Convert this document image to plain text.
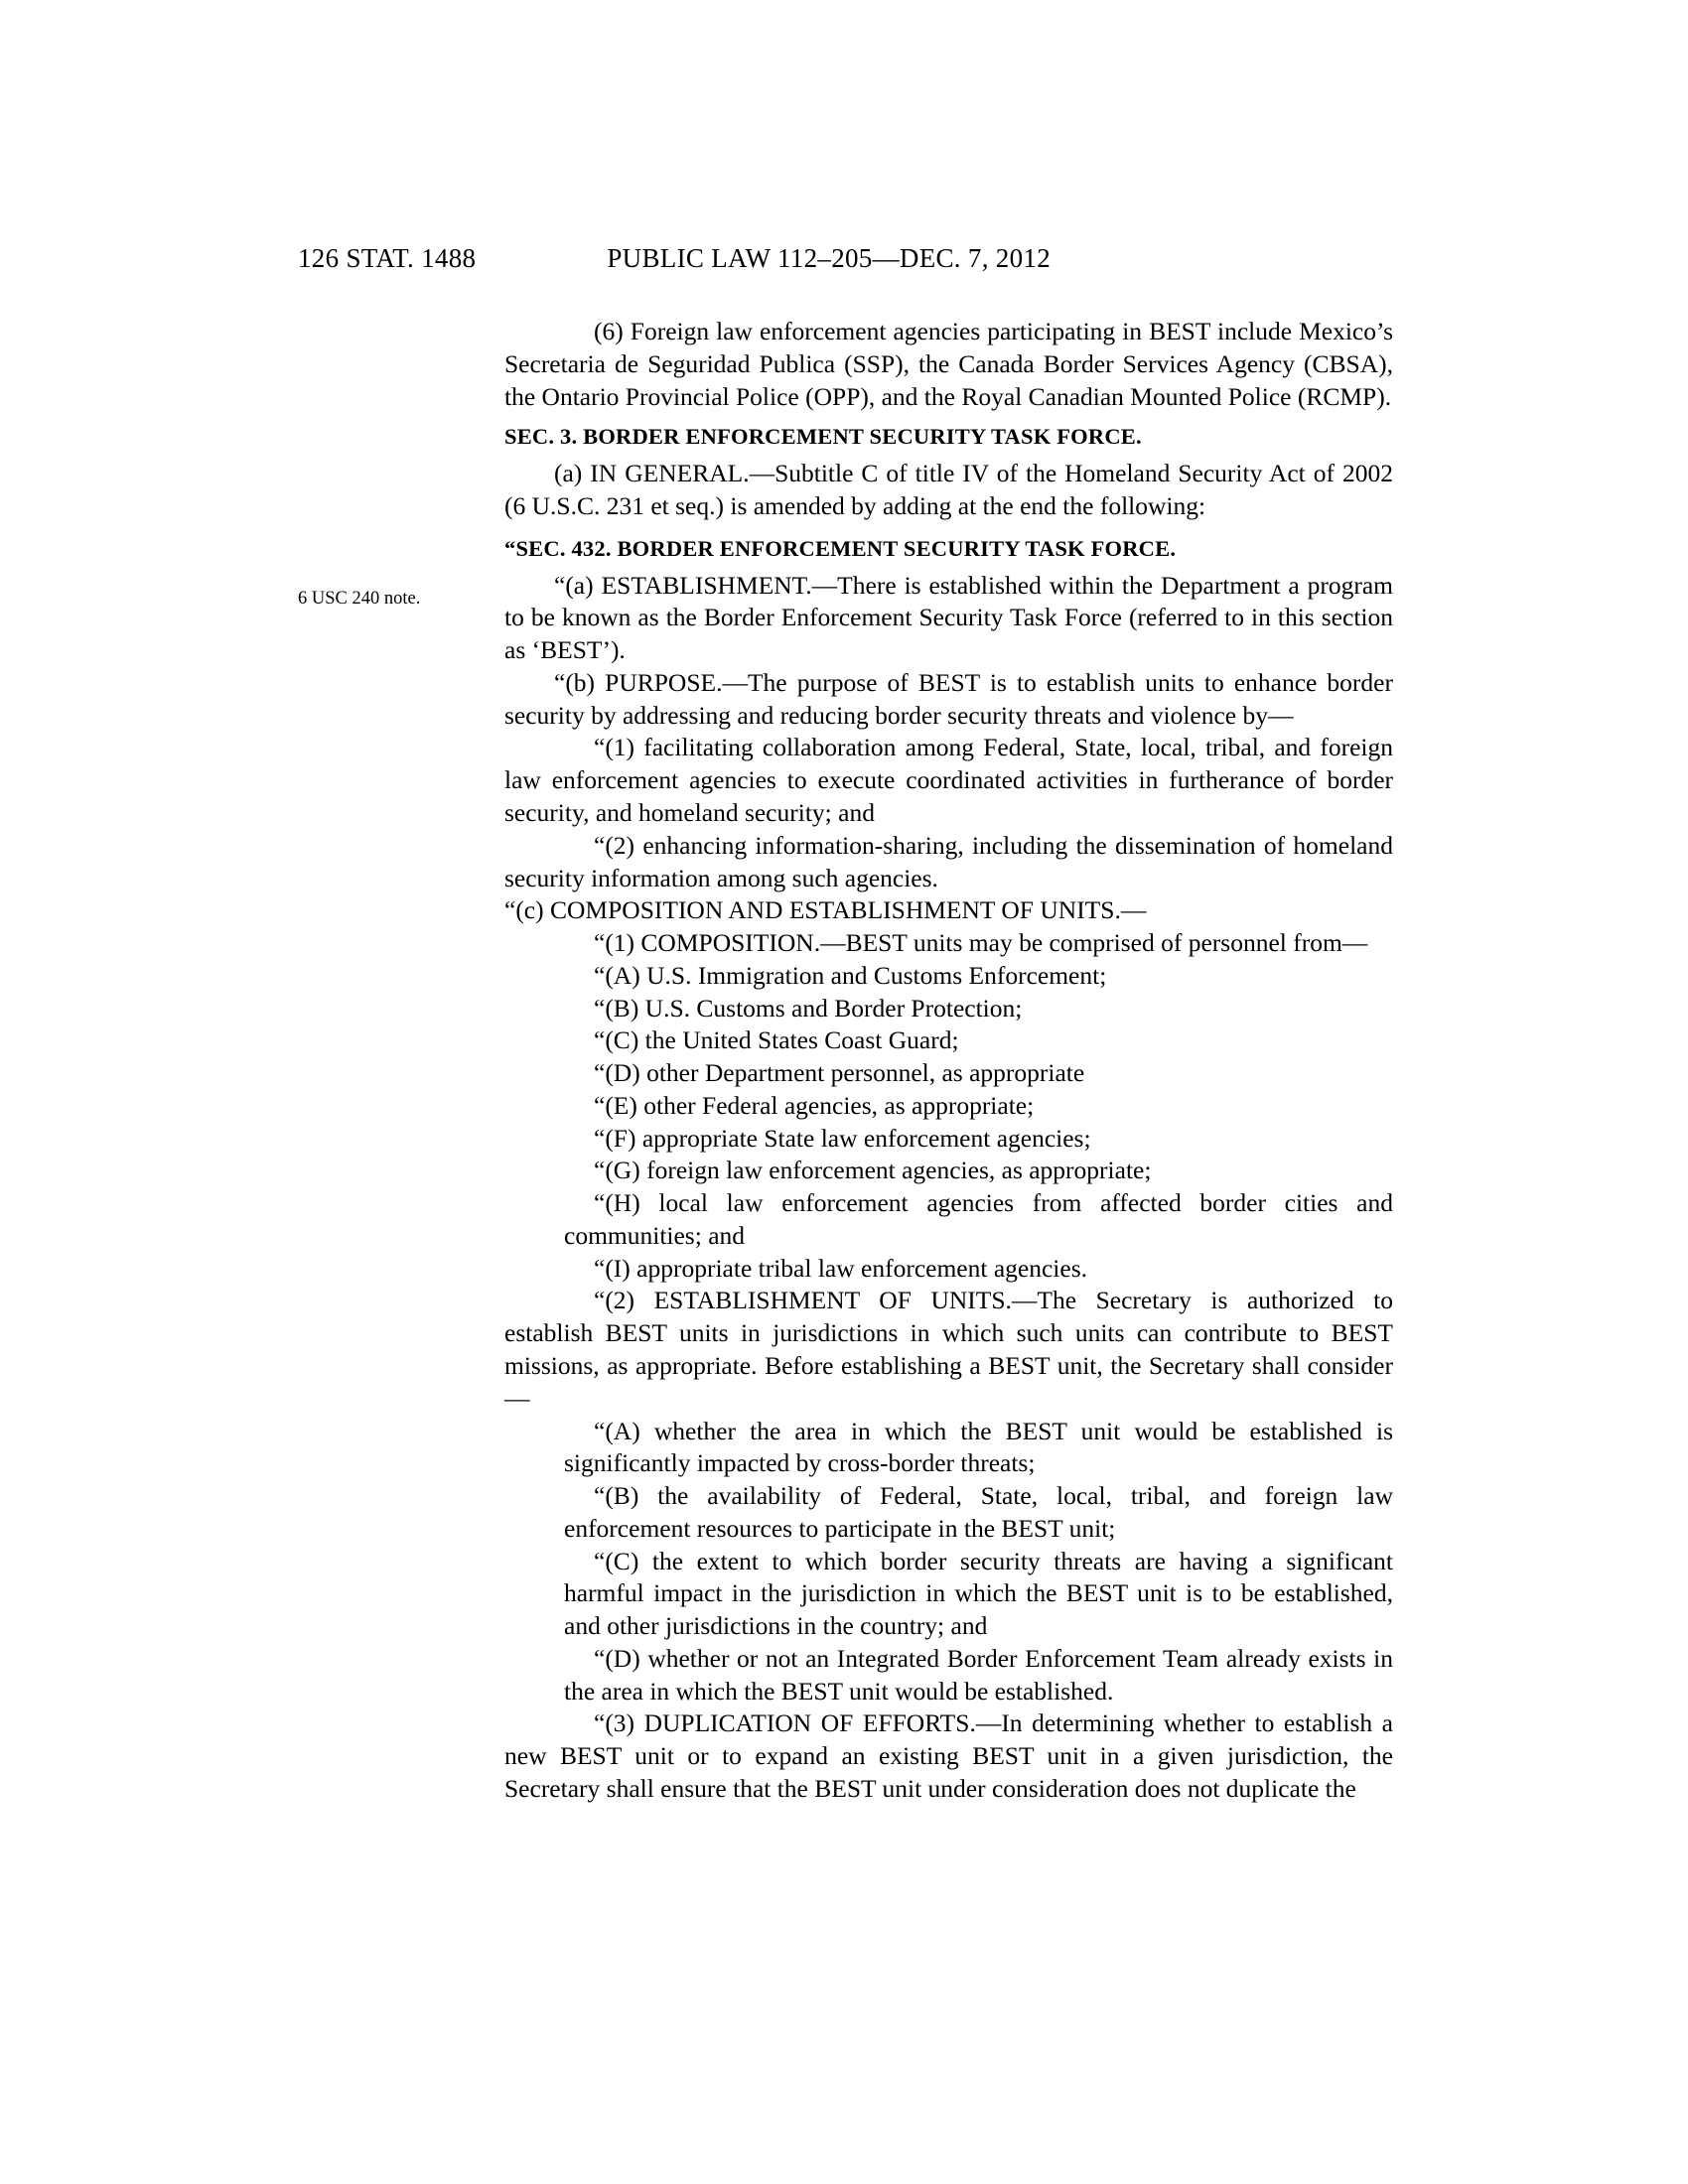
126 STAT. 1488	PUBLIC LAW 112–205—DEC. 7, 2012
6 USC 240 note.

(6) Foreign law enforcement agencies participating in BEST include Mexico’s Secretaria de Seguridad Publica (SSP), the Canada Border Services Agency (CBSA), the Ontario Provincial Police (OPP), and the Royal Canadian Mounted Police (RCMP).

SEC. 3. BORDER ENFORCEMENT SECURITY TASK FORCE.

(a) IN GENERAL.—Subtitle C of title IV of the Homeland Security Act of 2002 (6 U.S.C. 231 et seq.) is amended by adding at the end the following:

“SEC. 432. BORDER ENFORCEMENT SECURITY TASK FORCE.

“(a) ESTABLISHMENT.—There is established within the Department a program to be known as the Border Enforcement Security Task Force (referred to in this section as ‘BEST’).

“(b) PURPOSE.—The purpose of BEST is to establish units to enhance border security by addressing and reducing border security threats and violence by—

“(1) facilitating collaboration among Federal, State, local, tribal, and foreign law enforcement agencies to execute coordinated activities in furtherance of border security, and homeland security; and

“(2) enhancing information-sharing, including the dissemination of homeland security information among such agencies.

“(c) COMPOSITION AND ESTABLISHMENT OF UNITS.—

“(1) COMPOSITION.—BEST units may be comprised of personnel from—

“(A) U.S. Immigration and Customs Enforcement;

“(B) U.S. Customs and Border Protection;

“(C) the United States Coast Guard;

“(D) other Department personnel, as appropriate

“(E) other Federal agencies, as appropriate;

“(F) appropriate State law enforcement agencies;

“(G) foreign law enforcement agencies, as appropriate;

“(H) local law enforcement agencies from affected border cities and communities; and

“(I) appropriate tribal law enforcement agencies.

“(2) ESTABLISHMENT OF UNITS.—The Secretary is authorized to establish BEST units in jurisdictions in which such units can contribute to BEST missions, as appropriate. Before establishing a BEST unit, the Secretary shall consider—

“(A) whether the area in which the BEST unit would be established is significantly impacted by cross-border threats;

“(B) the availability of Federal, State, local, tribal, and foreign law enforcement resources to participate in the BEST unit;

“(C) the extent to which border security threats are having a significant harmful impact in the jurisdiction in which the BEST unit is to be established, and other jurisdictions in the country; and

“(D) whether or not an Integrated Border Enforcement Team already exists in the area in which the BEST unit would be established.

“(3) DUPLICATION OF EFFORTS.—In determining whether to establish a new BEST unit or to expand an existing BEST unit in a given jurisdiction, the Secretary shall ensure that the BEST unit under consideration does not duplicate the
